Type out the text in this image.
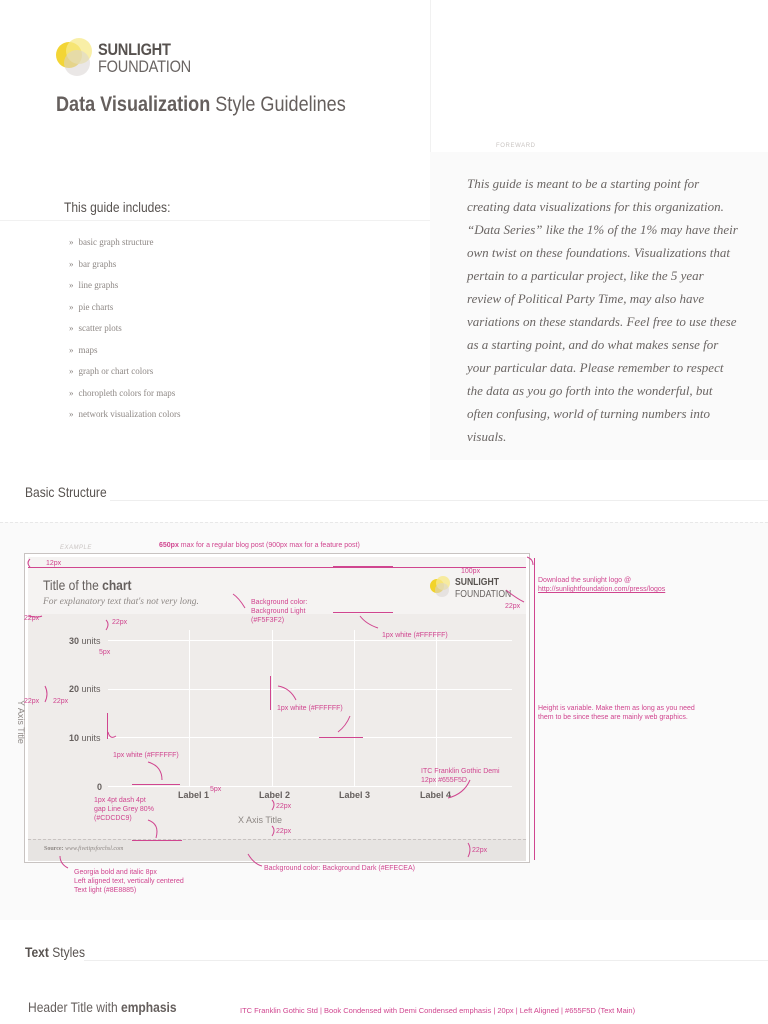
SUNLIGHT
FOUNDATION
Data Visualization Style Guidelines
FOREWARD
This guide is meant to be a starting point for creating data visualizations for this organization. “Data Series” like the 1% of the 1% may have their own twist on these foundations. Visualizations that pertain to a particular project, like the 5 year review of Political Party Time, may also have variations on these standards. Feel free to use these as a starting point, and do what makes sense for your particular data. Please remember to respect the data as you go forth into the wonderful, but often confusing, world of turning numbers into visuals.
This guide includes:
» basic graph structure
» bar graphs
» line graphs
» pie charts
» scatter plots
» maps
» graph or chart colors
» choropleth colors for maps
» network visualization colors
Basic Structure
EXAMPLE	650px max for a regular blog post (900px max for a feature post)
Title of the chart
For explanatory text that's not very long.
30 units
20 units
10 units
0
Label 1	Label 2	Label 3	Label 4
Y Axis Title
X Axis Title
Source: www.fivetipsforchsl.com
SUNLIGHT
FOUNDATION
12px
100px
22px
22px
22px
5px
22px 22px
5px
22px
22px
22px
Download the sunlight logo @
http://sunlightfoundation.com/press/logos
Background color:
Background Light
(#F5F3F2)
1px white (#FFFFFF)
1px white (#FFFFFF)
1px white (#FFFFFF)
Height is variable. Make them as long as you need
them to be since these are mainly web graphics.
ITC Franklin Gothic Demi
12px #655F5D
1px 4pt dash 4pt
gap Line Grey 80%
(#CDCDC9)
Georgia bold and italic 8px
Left aligned text, vertically centered
Text light (#8E8885)
Background color: Background Dark (#EFECEA)
Text Styles
Header Title with emphasis	ITC Franklin Gothic Std | Book Condensed with Demi Condensed emphasis | 20px | Left Aligned | #655F5D (Text Main)
